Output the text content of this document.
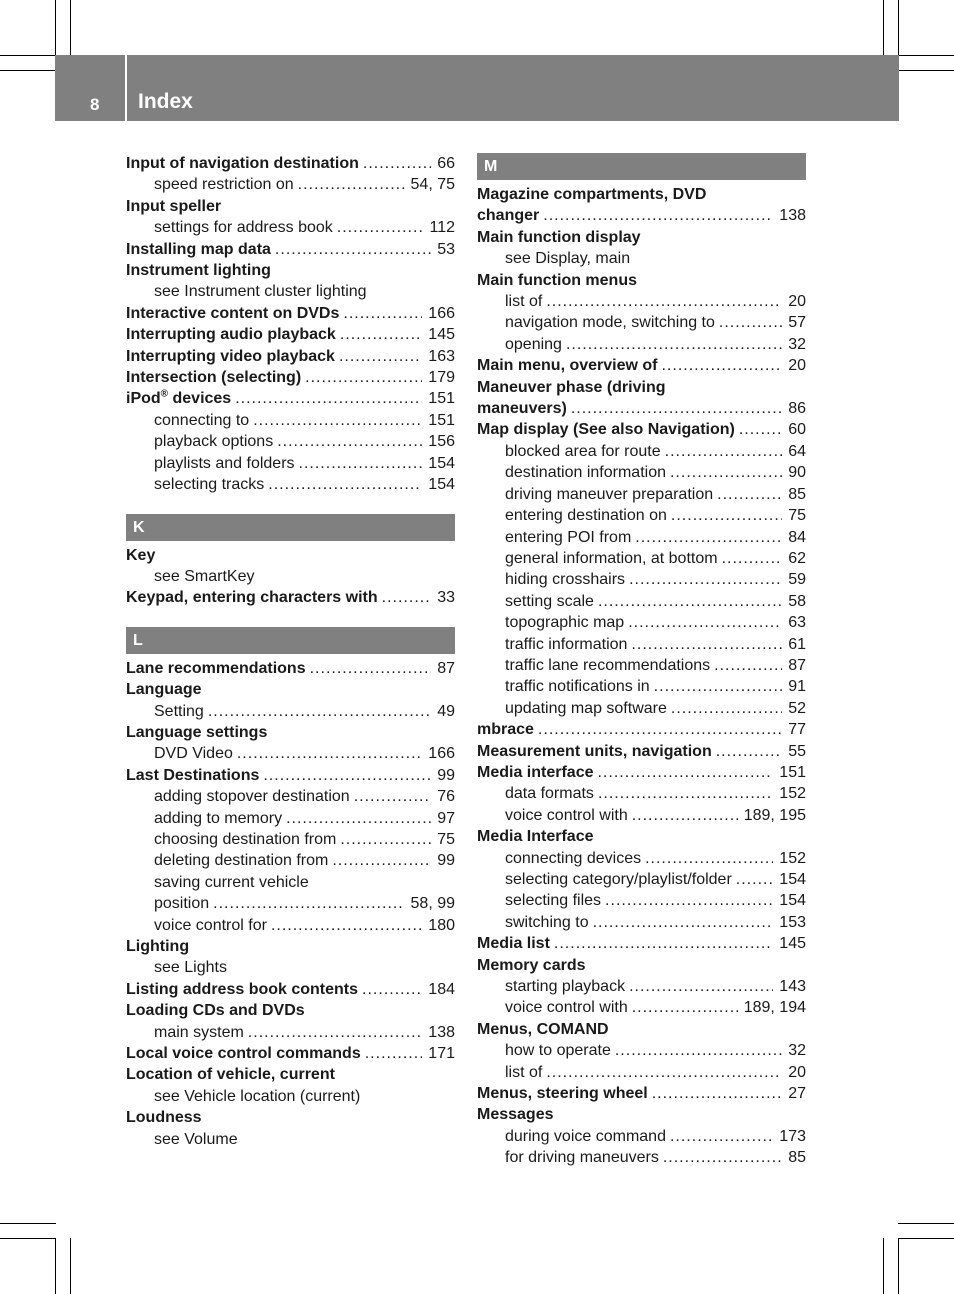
8 Index
Input of navigation destination .....	66
speed restriction on .....	54, 75
Input speller
settings for address book .....	112
Installing map data .....	53
Instrument lighting
see Instrument cluster lighting
Interactive content on DVDs .....	166
Interrupting audio playback .....	145
Interrupting video playback .....	163
Intersection (selecting) .....	179
iPod® devices .....	151
connecting to .....	151
playback options .....	156
playlists and folders .....	154
selecting tracks .....	154
K
Key
see SmartKey
Keypad, entering characters with .....	33
L
Lane recommendations .....	87
Language
Setting .....	49
Language settings
DVD Video .....	166
Last Destinations .....	99
adding stopover destination .....	76
adding to memory .....	97
choosing destination from .....	75
deleting destination from .....	99
saving current vehicle
position .....	58, 99
voice control for .....	180
Lighting
see Lights
Listing address book contents .....	184
Loading CDs and DVDs
main system .....	138
Local voice control commands .....	171
Location of vehicle, current
see Vehicle location (current)
Loudness
see Volume
M
Magazine compartments, DVD
changer .....	138
Main function display
see Display, main
Main function menus
list of .....	20
navigation mode, switching to .....	57
opening .....	32
Main menu, overview of .....	20
Maneuver phase (driving
maneuvers) .....	86
Map display (See also Navigation) .....	60
blocked area for route .....	64
destination information .....	90
driving maneuver preparation .....	85
entering destination on .....	75
entering POI from .....	84
general information, at bottom .....	62
hiding crosshairs .....	59
setting scale .....	58
topographic map .....	63
traffic information .....	61
traffic lane recommendations .....	87
traffic notifications in .....	91
updating map software .....	52
mbrace .....	77
Measurement units, navigation .....	55
Media interface .....	151
data formats .....	152
voice control with .....	189, 195
Media Interface
connecting devices .....	152
selecting category/playlist/folder .....	154
selecting files .....	154
switching to .....	153
Media list .....	145
Memory cards
starting playback .....	143
voice control with .....	189, 194
Menus, COMAND
how to operate .....	32
list of .....	20
Menus, steering wheel .....	27
Messages
during voice command .....	173
for driving maneuvers .....	85
